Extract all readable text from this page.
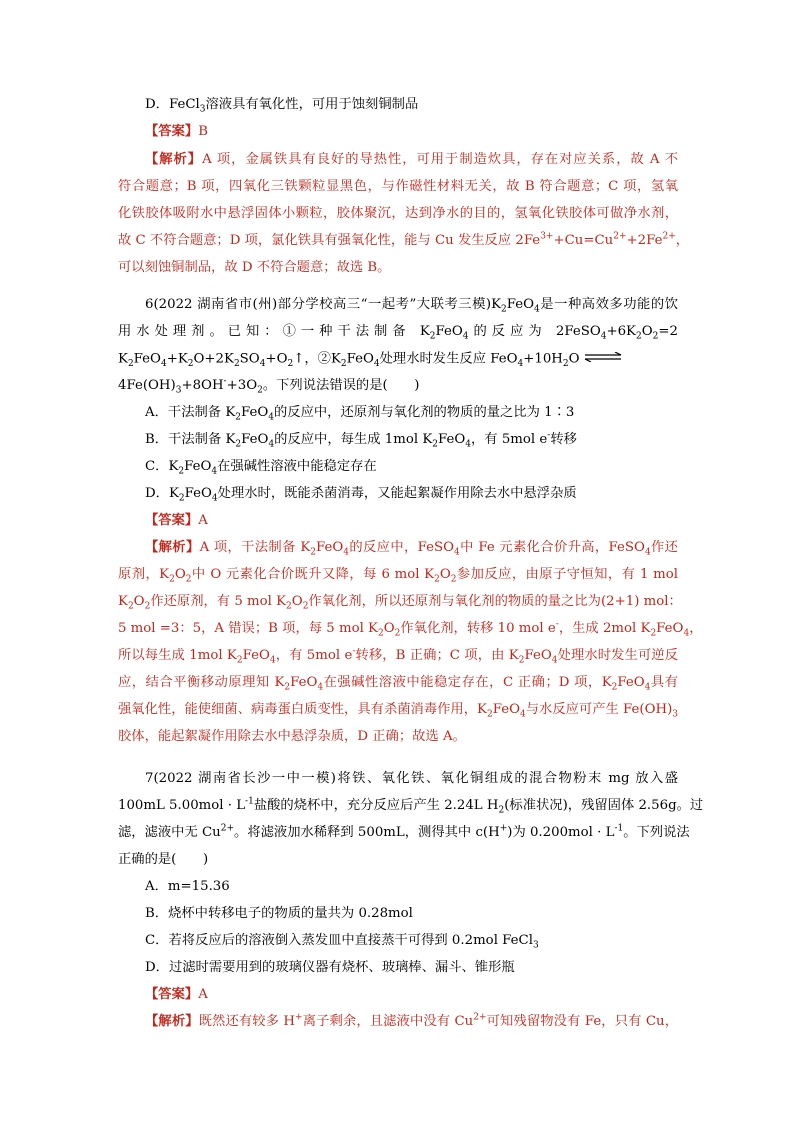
D．FeCl$_3$溶液具有氧化性，可用于蚀刻铜制品
【答案】B
【解析】A 项，金属铁具有良好的导热性，可用于制造炊具，存在对应关系，故 A 不
符合题意；B 项，四氧化三铁颗粒显黑色，与作磁性材料无关，故 B 符合题意；C 项，氢氧
化铁胶体吸附水中悬浮固体小颗粒，胶体聚沉，达到净水的目的，氢氧化铁胶体可做净水剂，
故 C 不符合题意；D 项，氯化铁具有强氧化性，能与 Cu 发生反应 $2Fe^{3+}+Cu=Cu^{2+}+2Fe^{2+}$，
可以刻蚀铜制品，故 D 不符合题意；故选 B。
6(2022 湖南省市(州)部分学校高三“一起考”大联考三模)$K_2FeO_4$是一种高效多功能的饮
用水处理剂。已知：①一种干法制备 $K_2FeO_4$的反应为 $2FeSO_4+6K_2O_2=2$
$K_2FeO_4+K_2O+2K_2SO_4+O_2↑$，$②K_2FeO_4$处理水时发生反应 $FeO_4+10H_2O$
$4Fe(OH)_3+8OH^-+3O_2$。下列说法错误的是(　　)
A．干法制备 $K_2FeO_4$的反应中，还原剂与氧化剂的物质的量之比为 1∶3
B．干法制备 $K_2FeO_4$的反应中，每生成 1mol $K_2FeO_4$，有 5mol e-转移
C．$K_2FeO_4$在强碱性溶液中能稳定存在
D．$K_2FeO_4$处理水时，既能杀菌消毒，又能起絮凝作用除去水中悬浮杂质
【答案】A
【解析】A 项，干法制备 $K_2FeO_4$的反应中，FeSO$_4$中 Fe 元素化合价升高，FeSO$_4$作还
原剂，$K_2O_2$中 O 元素化合价既升又降，每 6 mol $K_2O_2$参加反应，由原子守恒知，有 1 mol
$K_2O_2$作还原剂，有 5 mol $K_2O_2$作氧化剂，所以还原剂与氧化剂的物质的量之比为(2+1) mol：
5 mol =3：5，A 错误；B 项，每 5 mol $K_2O_2$作氧化剂，转移 10 mol e-，生成 2mol $K_2FeO_4$，
所以每生成 1mol $K_2FeO_4$，有 5mol e-转移，B 正确；C 项，由 $K_2FeO_4$处理水时发生可逆反
应，结合平衡移动原理知 $K_2FeO_4$在强碱性溶液中能稳定存在，C 正确；D 项，$K_2FeO_4$具有
强氧化性，能使细菌、病毒蛋白质变性，具有杀菌消毒作用，$K_2FeO_4$与水反应可产生 $Fe(OH)_3$
胶体，能起絮凝作用除去水中悬浮杂质，D 正确；故选 A。
7(2022 湖南省长沙一中一模)将铁、氧化铁、氧化铜组成的混合物粉末 mg 放入盛
100mL $5.00mol \cdot L^{-1}$盐酸的烧杯中，充分反应后产生 2.24L $H_2$(标准状况)，残留固体 2.56g。过
滤，滤液中无 $Cu^{2+}$。将滤液加水稀释到 500mL，测得其中 c(H+)为 $0.200mol \cdot L^{-1}$。下列说法
正确的是(　　)
A．m=15.36
B．烧杯中转移电子的物质的量共为 0.28mol
C．若将反应后的溶液倒入蒸发皿中直接蒸干可得到 0.2mol FeCl$_3$
D．过滤时需要用到的玻璃仪器有烧杯、玻璃棒、漏斗、锥形瓶
【答案】A
【解析】既然还有较多 H+离子剩余，且滤液中没有 $Cu^{2+}$可知残留物没有 Fe，只有 Cu，
